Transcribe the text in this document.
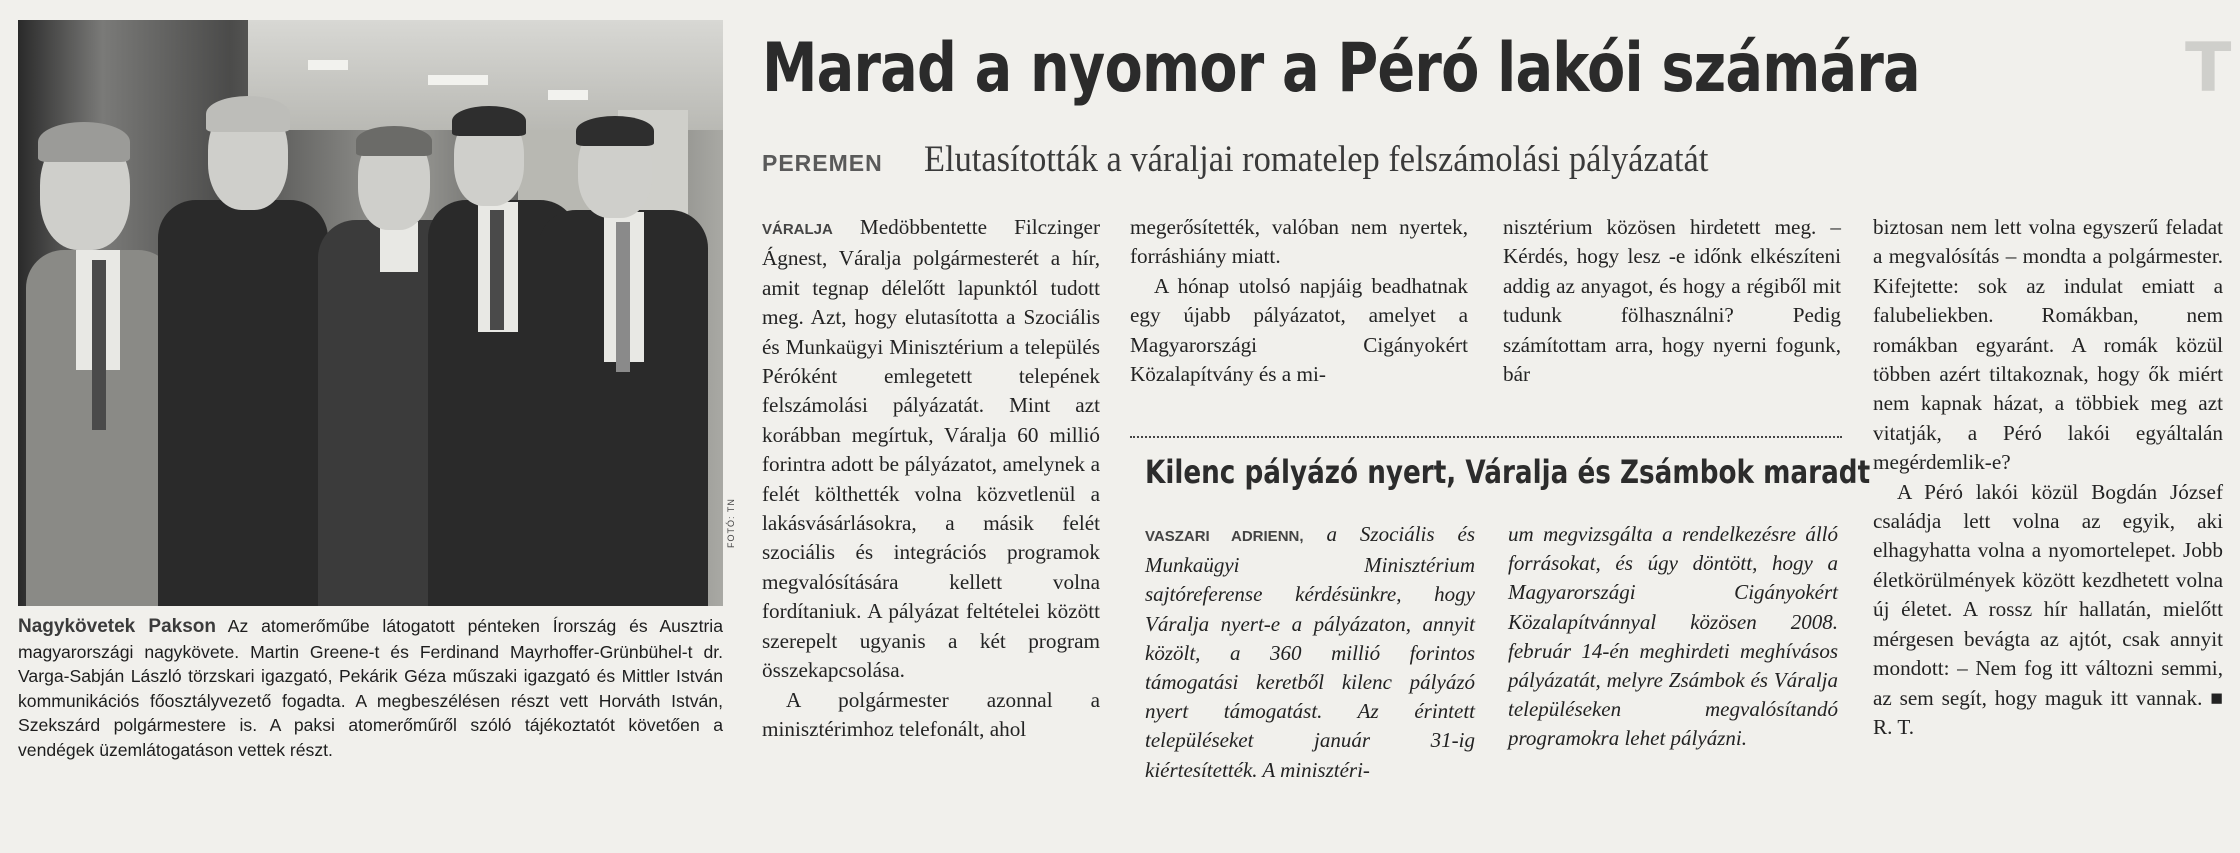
FOTÓ: TN
Nagykövetek Pakson Az atomerőműbe látogatott pénteken Írország és Ausztria magyarországi nagykövete. Martin Greene-t és Ferdinand Mayrhoffer-Grünbühel-t dr. Varga-Sabján László törzskari igazgató, Pekárik Géza műszaki igazgató és Mittler István kommunikációs főosztályvezető fogadta. A megbeszélésen részt vett Horváth István, Szekszárd polgármestere is. A paksi atomerőműről szóló tájékoztatót követően a vendégek üzemlátogatáson vettek részt.
Marad a nyomor a Péró lakói számára	T
PEREMEN Elutasították a váraljai romatelep felszámolási pályázatát

VÁRALJA Medöbbentette Filczinger Ágnest, Váralja polgármesterét a hír, amit tegnap délelőtt lapunktól tudott meg. Azt, hogy elutasította a Szociális és Munkaügyi Minisztérium a település Péróként emlegetett telepének felszámolási pályázatát. Mint azt korábban megírtuk, Váralja 60 millió forintra adott be pályázatot, amelynek a felét költhették volna közvetlenül a lakásvásárlásokra, a másik felét szociális és integrációs programok megvalósítására kellett volna fordítaniuk. A pályázat feltételei között szerepelt ugyanis a két program összekapcsolása.

A polgármester azonnal a minisztérimhoz telefonált, ahol

megerősítették, valóban nem nyertek, forráshiány miatt.

A hónap utolsó napjáig beadhatnak egy újabb pályázatot, amelyet a Magyarországi Cigányokért Közalapítvány és a mi-

nisztérium közösen hirdetett meg. – Kérdés, hogy lesz -e időnk elkészíteni addig az anyagot, és hogy a régiből mit tudunk fölhasználni? Pedig számítottam arra, hogy nyerni fogunk, bár

biztosan nem lett volna egyszerű feladat a megvalósítás – mondta a polgármester. Kifejtette: sok az indulat emiatt a falubeliekben. Romákban, nem romákban egyaránt. A romák közül többen azért tiltakoznak, hogy ők miért nem kapnak házat, a többiek meg azt vitatják, a Péró lakói egyáltalán megérdemlik-e?

A Péró lakói közül Bogdán József családja lett volna az egyik, aki elhagyhatta volna a nyomortelepet. Jobb életkörülmények között kezdhetett volna új életet. A rossz hír hallatán, mielőtt mérgesen bevágta az ajtót, csak annyit mondott: – Nem fog itt változni semmi, az sem segít, hogy maguk itt vannak. ■ R. T.

Kilenc pályázó nyert, Váralja és Zsámbok maradt
VASZARI ADRIENN, a Szociális és Munkaügyi Minisztérium sajtóreferense kérdésünkre, hogy Váralja nyert-e a pályázaton, annyit közölt, a 360 millió forintos támogatási keretből kilenc pályázó nyert támogatást. Az érintett településeket január 31-ig kiértesítették. A minisztéri-
um megvizsgálta a rendelkezésre álló forrásokat, és úgy döntött, hogy a Magyarországi Cigányokért Közalapítvánnyal közösen 2008. február 14-én meghirdeti meghívásos pályázatát, melyre Zsámbok és Váralja településeken megvalósítandó programokra lehet pályázni.
